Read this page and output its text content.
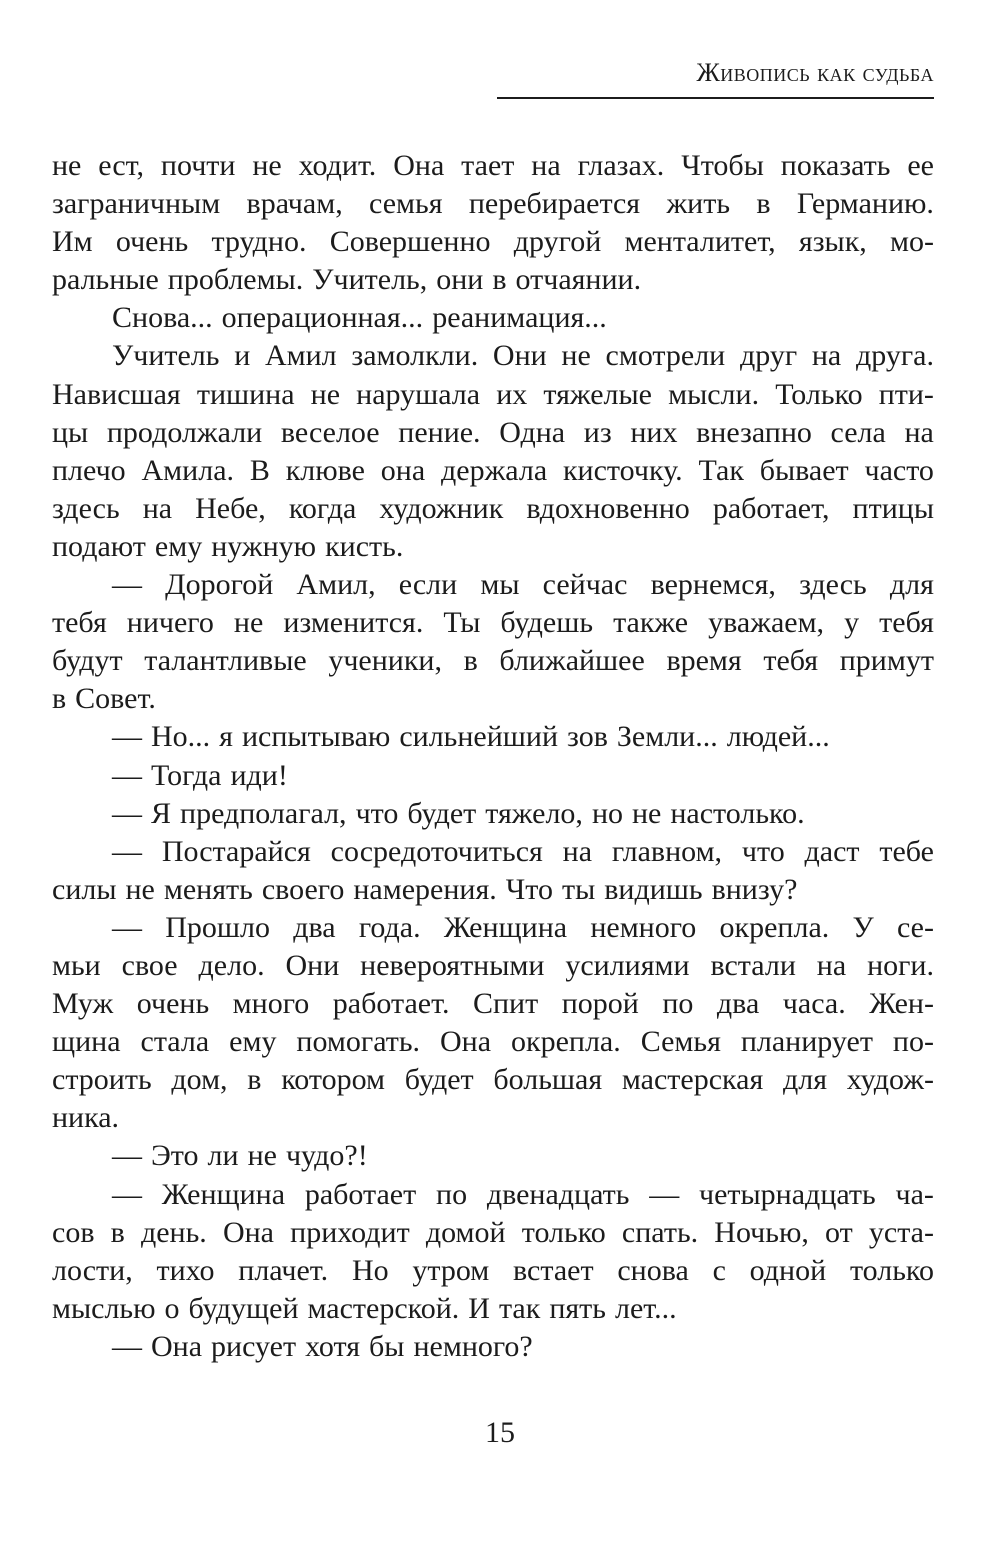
Живопись как судьба
не ест, почти не ходит. Она тает на глазах. Чтобы показать ее
заграничным врачам, семья перебирается жить в Германию.
Им очень трудно. Совершенно другой менталитет, язык, мо-
ральные проблемы. Учитель, они в отчаянии.
Снова... операционная... реанимация...
Учитель и Амил замолкли. Они не смотрели друг на друга.
Нависшая тишина не нарушала их тяжелые мысли. Только пти-
цы продолжали веселое пение. Одна из них внезапно села на
плечо Амила. В клюве она держала кисточку. Так бывает часто
здесь на Небе, когда художник вдохновенно работает, птицы
подают ему нужную кисть.
— Дорогой Амил, если мы сейчас вернемся, здесь для
тебя ничего не изменится. Ты будешь также уважаем, у тебя
будут талантливые ученики, в ближайшее время тебя примут
в Совет.
— Но... я испытываю сильнейший зов Земли... людей...
— Тогда иди!
— Я предполагал, что будет тяжело, но не настолько.
— Постарайся сосредоточиться на главном, что даст тебе
силы не менять своего намерения. Что ты видишь внизу?
— Прошло два года. Женщина немного окрепла. У се-
мьи свое дело. Они невероятными усилиями встали на ноги.
Муж очень много работает. Спит порой по два часа. Жен-
щина стала ему помогать. Она окрепла. Семья планирует по-
строить дом, в котором будет большая мастерская для худож-
ника.
— Это ли не чудо?!
— Женщина работает по двенадцать — четырнадцать ча-
сов в день. Она приходит домой только спать. Ночью, от уста-
лости, тихо плачет. Но утром встает снова с одной только
мыслью о будущей мастерской. И так пять лет...
— Она рисует хотя бы немного?
15
